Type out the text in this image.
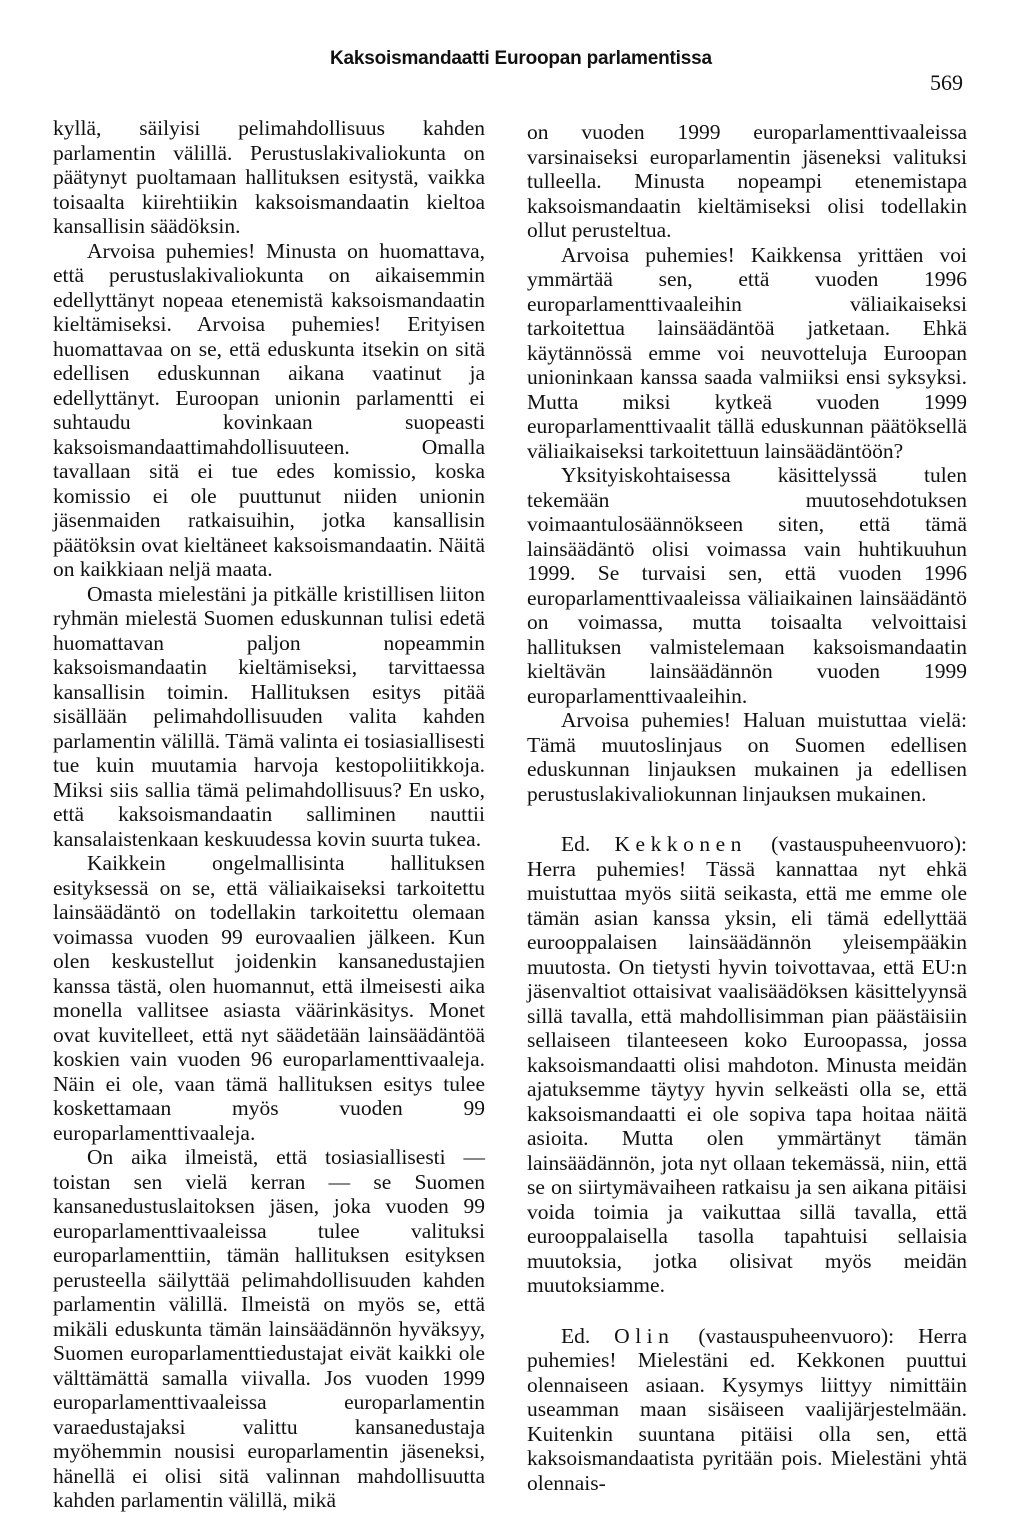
Kaksoismandaatti Euroopan parlamentissa
569

kyllä, säilyisi pelimahdollisuus kahden parlamentin välillä. Perustuslakivaliokunta on päätynyt puoltamaan hallituksen esitystä, vaikka toisaalta kiirehtiikin kaksoismandaatin kieltoa kansallisin säädöksin.

Arvoisa puhemies! Minusta on huomattava, että perustuslakivaliokunta on aikaisemmin edellyttänyt nopeaa etenemistä kaksoismandaatin kieltämiseksi. Arvoisa puhemies! Erityisen huomattavaa on se, että eduskunta itsekin on sitä edellisen eduskunnan aikana vaatinut ja edellyttänyt. Euroopan unionin parlamentti ei suhtaudu kovinkaan suopeasti kaksoismandaattimahdollisuuteen. Omalla tavallaan sitä ei tue edes komissio, koska komissio ei ole puuttunut niiden unionin jäsenmaiden ratkaisuihin, jotka kansallisin päätöksin ovat kieltäneet kaksoismandaatin. Näitä on kaikkiaan neljä maata.

Omasta mielestäni ja pitkälle kristillisen liiton ryhmän mielestä Suomen eduskunnan tulisi edetä huomattavan paljon nopeammin kaksoismandaatin kieltämiseksi, tarvittaessa kansallisin toimin. Hallituksen esitys pitää sisällään pelimahdollisuuden valita kahden parlamentin välillä. Tämä valinta ei tosiasiallisesti tue kuin muutamia harvoja kestopoliitikkoja. Miksi siis sallia tämä pelimahdollisuus? En usko, että kaksoismandaatin salliminen nauttii kansalaistenkaan keskuudessa kovin suurta tukea.

Kaikkein ongelmallisinta hallituksen esityksessä on se, että väliaikaiseksi tarkoitettu lainsäädäntö on todellakin tarkoitettu olemaan voimassa vuoden 99 eurovaalien jälkeen. Kun olen keskustellut joidenkin kansanedustajien kanssa tästä, olen huomannut, että ilmeisesti aika monella vallitsee asiasta väärinkäsitys. Monet ovat kuvitelleet, että nyt säädetään lainsäädäntöä koskien vain vuoden 96 europarlamenttivaaleja. Näin ei ole, vaan tämä hallituksen esitys tulee koskettamaan myös vuoden 99 europarlamenttivaaleja.

On aika ilmeistä, että tosiasiallisesti — toistan sen vielä kerran — se Suomen kansanedustuslaitoksen jäsen, joka vuoden 99 europarlamenttivaaleissa tulee valituksi europarlamenttiin, tämän hallituksen esityksen perusteella säilyttää pelimahdollisuuden kahden parlamentin välillä. Ilmeistä on myös se, että mikäli eduskunta tämän lainsäädännön hyväksyy, Suomen europarlamenttiedustajat eivät kaikki ole välttämättä samalla viivalla. Jos vuoden 1999 europarlamenttivaaleissa europarlamentin varaedustajaksi valittu kansanedustaja myöhemmin nousisi europarlamentin jäseneksi, hänellä ei olisi sitä valinnan mahdollisuutta kahden parlamentin välillä, mikä

on vuoden 1999 europarlamenttivaaleissa varsinaiseksi europarlamentin jäseneksi valituksi tulleella. Minusta nopeampi etenemistapa kaksoismandaatin kieltämiseksi olisi todellakin ollut perusteltua.

Arvoisa puhemies! Kaikkensa yrittäen voi ymmärtää sen, että vuoden 1996 europarlamenttivaaleihin väliaikaiseksi tarkoitettua lainsäädäntöä jatketaan. Ehkä käytännössä emme voi neuvotteluja Euroopan unioninkaan kanssa saada valmiiksi ensi syksyksi. Mutta miksi kytkeä vuoden 1999 europarlamenttivaalit tällä eduskunnan päätöksellä väliaikaiseksi tarkoitettuun lainsäädäntöön?

Yksityiskohtaisessa käsittelyssä tulen tekemään muutosehdotuksen voimaantulosäännökseen siten, että tämä lainsäädäntö olisi voimassa vain huhtikuuhun 1999. Se turvaisi sen, että vuoden 1996 europarlamenttivaaleissa väliaikainen lainsäädäntö on voimassa, mutta toisaalta velvoittaisi hallituksen valmistelemaan kaksoismandaatin kieltävän lainsäädännön vuoden 1999 europarlamenttivaaleihin.

Arvoisa puhemies! Haluan muistuttaa vielä: Tämä muutoslinjaus on Suomen edellisen eduskunnan linjauksen mukainen ja edellisen perustuslakivaliokunnan linjauksen mukainen.

Ed. Kekkonen (vastauspuheenvuoro): Herra puhemies! Tässä kannattaa nyt ehkä muistuttaa myös siitä seikasta, että me emme ole tämän asian kanssa yksin, eli tämä edellyttää eurooppalaisen lainsäädännön yleisempääkin muutosta. On tietysti hyvin toivottavaa, että EU:n jäsenvaltiot ottaisivat vaalisäädöksen käsittelyynsä sillä tavalla, että mahdollisimman pian päästäisiin sellaiseen tilanteeseen koko Euroopassa, jossa kaksoismandaatti olisi mahdoton. Minusta meidän ajatuksemme täytyy hyvin selkeästi olla se, että kaksoismandaatti ei ole sopiva tapa hoitaa näitä asioita. Mutta olen ymmärtänyt tämän lainsäädännön, jota nyt ollaan tekemässä, niin, että se on siirtymävaiheen ratkaisu ja sen aikana pitäisi voida toimia ja vaikuttaa sillä tavalla, että eurooppalaisella tasolla tapahtuisi sellaisia muutoksia, jotka olisivat myös meidän muutoksiamme.

Ed. Olin (vastauspuheenvuoro): Herra puhemies! Mielestäni ed. Kekkonen puuttui olennaiseen asiaan. Kysymys liittyy nimittäin useamman maan sisäiseen vaalijärjestelmään. Kuitenkin suuntana pitäisi olla sen, että kaksoismandaatista pyritään pois. Mielestäni yhtä olennais-
